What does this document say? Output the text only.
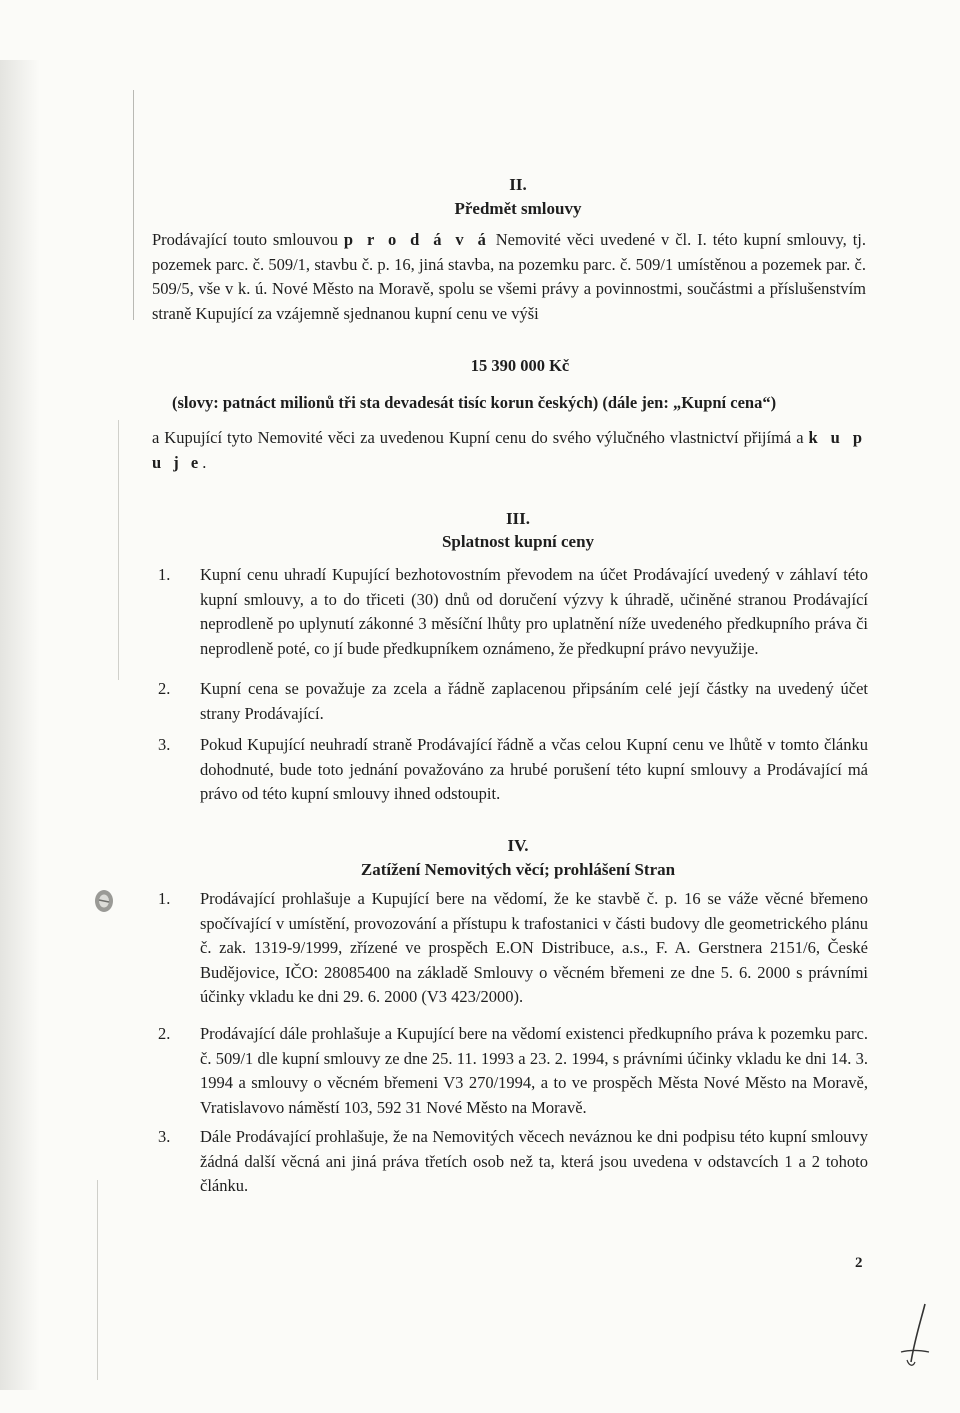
II.
Předmět smlouvy

Prodávající touto smlouvou p r o d á v á Nemovité věci uvedené v čl. I. této kupní smlouvy, tj. pozemek parc. č. 509/1, stavbu č. p. 16, jiná stavba, na pozemku parc. č. 509/1 umístěnou a pozemek par. č. 509/5, vše v k. ú. Nové Město na Moravě, spolu se všemi právy a povinnostmi, součástmi a příslušenstvím straně Kupující za vzájemně sjednanou kupní cenu ve výši

15 390 000 Kč
(slovy: patnáct milionů tři sta devadesát tisíc korun českých) (dále jen: „Kupní cena“)

a Kupující tyto Nemovité věci za uvedenou Kupní cenu do svého výlučného vlastnictví přijímá a k u p u j e.

III.
Splatnost kupní ceny
1. Kupní cenu uhradí Kupující bezhotovostním převodem na účet Prodávající uvedený v záhlaví této kupní smlouvy, a to do třiceti (30) dnů od doručení výzvy k úhradě, učiněné stranou Prodávající neprodleně po uplynutí zákonné 3 měsíční lhůty pro uplatnění níže uvedeného předkupního práva či neprodleně poté, co jí bude předkupníkem oznámeno, že předkupní právo nevyužije.
2. Kupní cena se považuje za zcela a řádně zaplacenou připsáním celé její částky na uvedený účet strany Prodávající.
3. Pokud Kupující neuhradí straně Prodávající řádně a včas celou Kupní cenu ve lhůtě v tomto článku dohodnuté, bude toto jednání považováno za hrubé porušení této kupní smlouvy a Prodávající má právo od této kupní smlouvy ihned odstoupit.
IV.
Zatížení Nemovitých věcí; prohlášení Stran
1. Prodávající prohlašuje a Kupující bere na vědomí, že ke stavbě č. p. 16 se váže věcné břemeno spočívající v umístění, provozování a přístupu k trafostanici v části budovy dle geometrického plánu č. zak. 1319-9/1999, zřízené ve prospěch E.ON Distribuce, a.s., F. A. Gerstnera 2151/6, České Budějovice, IČO: 28085400 na základě Smlouvy o věcném břemeni ze dne 5. 6. 2000 s právními účinky vkladu ke dni 29. 6. 2000 (V3 423/2000).
2. Prodávající dále prohlašuje a Kupující bere na vědomí existenci předkupního práva k pozemku parc. č. 509/1 dle kupní smlouvy ze dne 25. 11. 1993 a 23. 2. 1994, s právními účinky vkladu ke dni 14. 3. 1994 a smlouvy o věcném břemeni V3 270/1994, a to ve prospěch Města Nové Město na Moravě, Vratislavovo náměstí 103, 592 31 Nové Město na Moravě.
3. Dále Prodávající prohlašuje, že na Nemovitých věcech neváznou ke dni podpisu této kupní smlouvy žádná další věcná ani jiná práva třetích osob než ta, která jsou uvedena v odstavcích 1 a 2 tohoto článku.
2
